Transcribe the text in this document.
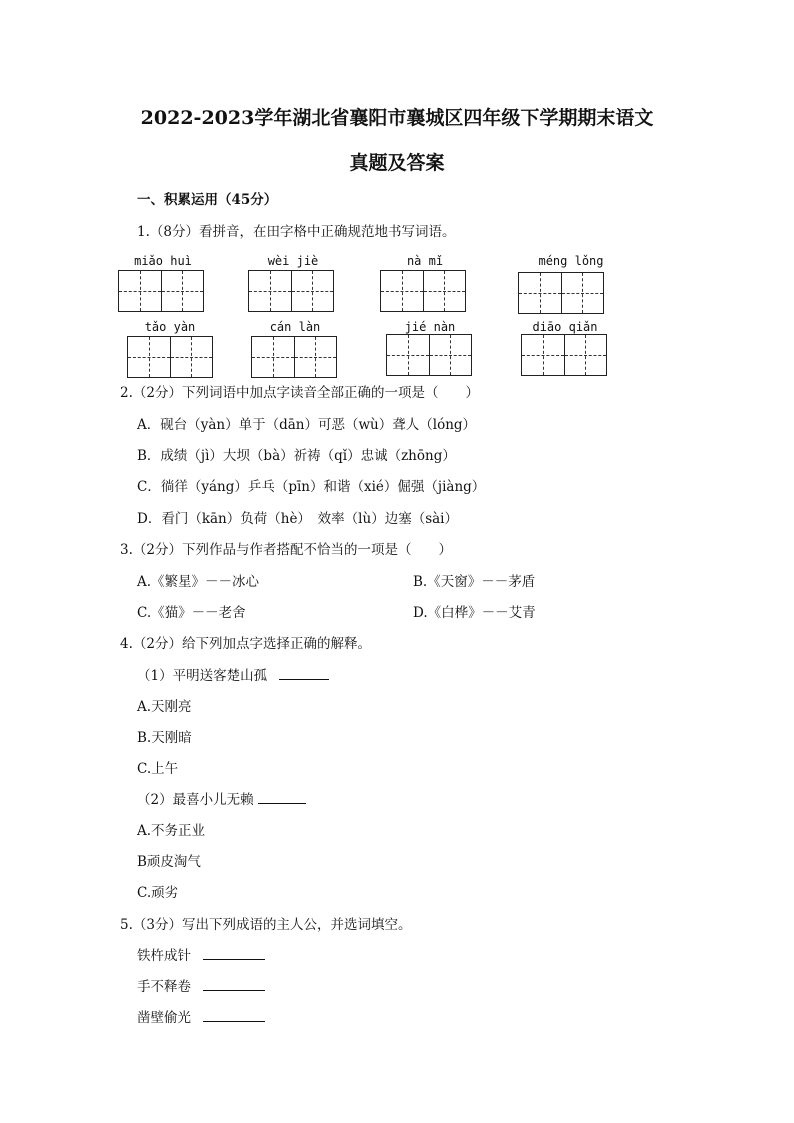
2022-2023学年湖北省襄阳市襄城区四年级下学期期末语文
真题及答案
一、积累运用（45分）
1.（8分）看拼音，在田字格中正确规范地书写词语。
miǎo huì	wèi jiè	nà mǐ	méng lǒng
tǎo yàn	cán làn	jié nàn	diāo qiǎn
2.（2分）下列词语中加点字读音全部正确的一项是（　　）
A．砚台（yàn）单于（dān）可恶（wù）聋人（lóng）
B．成绩（jì）大坝（bà）祈祷（qǐ）忠诚（zhōng）
C．徜徉（yáng）乒乓（pīn）和谐（xié）倔强（jiàng）
D．看门（kān）负荷（hè）　效率（lù）边塞（sài）
3.（2分）下列作品与作者搭配不恰当的一项是（　　）
A.《繁星》－－冰心	B.《天窗》－－茅盾
C.《猫》－－老舍	D.《白桦》－－艾青
4.（2分）给下列加点字选择正确的解释。
（1）平明送客楚山孤
A.天刚亮
B.天刚暗
C.上午
（2）最喜小儿无赖
A.不务正业
B顽皮淘气
C.顽劣
5.（3分）写出下列成语的主人公，并选词填空。
铁杵成针
手不释卷
凿壁偷光
